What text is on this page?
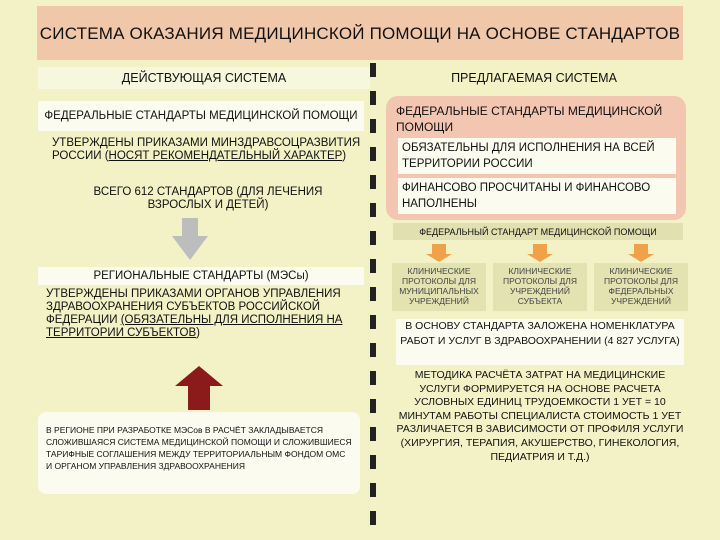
СИСТЕМА ОКАЗАНИЯ МЕДИЦИНСКОЙ ПОМОЩИ НА ОСНОВЕ СТАНДАРТОВ
ДЕЙСТВУЮЩАЯ СИСТЕМА	ПРЕДЛАГАЕМАЯ СИСТЕМА
ФЕДЕРАЛЬНЫЕ СТАНДАРТЫ МЕДИЦИНСКОЙ ПОМОЩИ
УТВЕРЖДЕНЫ ПРИКАЗАМИ МИНЗДРАВСОЦРАЗВИТИЯ РОССИИ (НОСЯТ РЕКОМЕНДАТЕЛЬНЫЙ ХАРАКТЕР)
ВСЕГО 612 СТАНДАРТОВ (ДЛЯ ЛЕЧЕНИЯ ВЗРОСЛЫХ И ДЕТЕЙ)
РЕГИОНАЛЬНЫЕ СТАНДАРТЫ (МЭСы)
УТВЕРЖДЕНЫ ПРИКАЗАМИ ОРГАНОВ УПРАВЛЕНИЯ ЗДРАВООХРАНЕНИЯ СУБЪЕКТОВ РОССИЙСКОЙ ФЕДЕРАЦИИ (ОБЯЗАТЕЛЬНЫ ДЛЯ ИСПОЛНЕНИЯ НА ТЕРРИТОРИИ СУБЪЕКТОВ)
В РЕГИОНЕ ПРИ РАЗРАБОТКЕ МЭСов В РАСЧЁТ ЗАКЛАДЫВАЕТСЯ СЛОЖИВШАЯСЯ СИСТЕМА МЕДИЦИНСКОЙ ПОМОЩИ И СЛОЖИВШИЕСЯ ТАРИФНЫЕ СОГЛАШЕНИЯ МЕЖДУ ТЕРРИТОРИАЛЬНЫМ ФОНДОМ ОМС И ОРГАНОМ УПРАВЛЕНИЯ ЗДРАВООХРАНЕНИЯ
ФЕДЕРАЛЬНЫЕ СТАНДАРТЫ МЕДИЦИНСКОЙ ПОМОЩИ
ОБЯЗАТЕЛЬНЫ ДЛЯ ИСПОЛНЕНИЯ НА ВСЕЙ ТЕРРИТОРИИ РОССИИ
ФИНАНСОВО ПРОСЧИТАНЫ И ФИНАНСОВО НАПОЛНЕНЫ
ФЕДЕРАЛЬНЫЙ СТАНДАРТ МЕДИЦИНСКОЙ ПОМОЩИ
КЛИНИЧЕСКИЕ ПРОТОКОЛЫ ДЛЯ МУНИЦИПАЛЬНЫХ УЧРЕЖДЕНИЙ
КЛИНИЧЕСКИЕ ПРОТОКОЛЫ ДЛЯ УЧРЕЖДЕНИЙ СУБЪЕКТА
КЛИНИЧЕСКИЕ ПРОТОКОЛЫ ДЛЯ ФЕДЕРАЛЬНЫХ УЧРЕЖДЕНИЙ
В ОСНОВУ СТАНДАРТА ЗАЛОЖЕНА НОМЕНКЛАТУРА РАБОТ И УСЛУГ В ЗДРАВООХРАНЕНИИ (4 827 УСЛУГА)
МЕТОДИКА РАСЧЁТА ЗАТРАТ НА МЕДИЦИНСКИЕ УСЛУГИ ФОРМИРУЕТСЯ НА ОСНОВЕ РАСЧЕТА УСЛОВНЫХ ЕДИНИЦ ТРУДОЕМКОСТИ 1 УЕТ = 10 МИНУТАМ РАБОТЫ СПЕЦИАЛИСТА СТОИМОСТЬ 1 УЕТ РАЗЛИЧАЕТСЯ В ЗАВИСИМОСТИ ОТ ПРОФИЛЯ УСЛУГИ (ХИРУРГИЯ, ТЕРАПИЯ, АКУШЕРСТВО, ГИНЕКОЛОГИЯ, ПЕДИАТРИЯ И Т.Д.)
